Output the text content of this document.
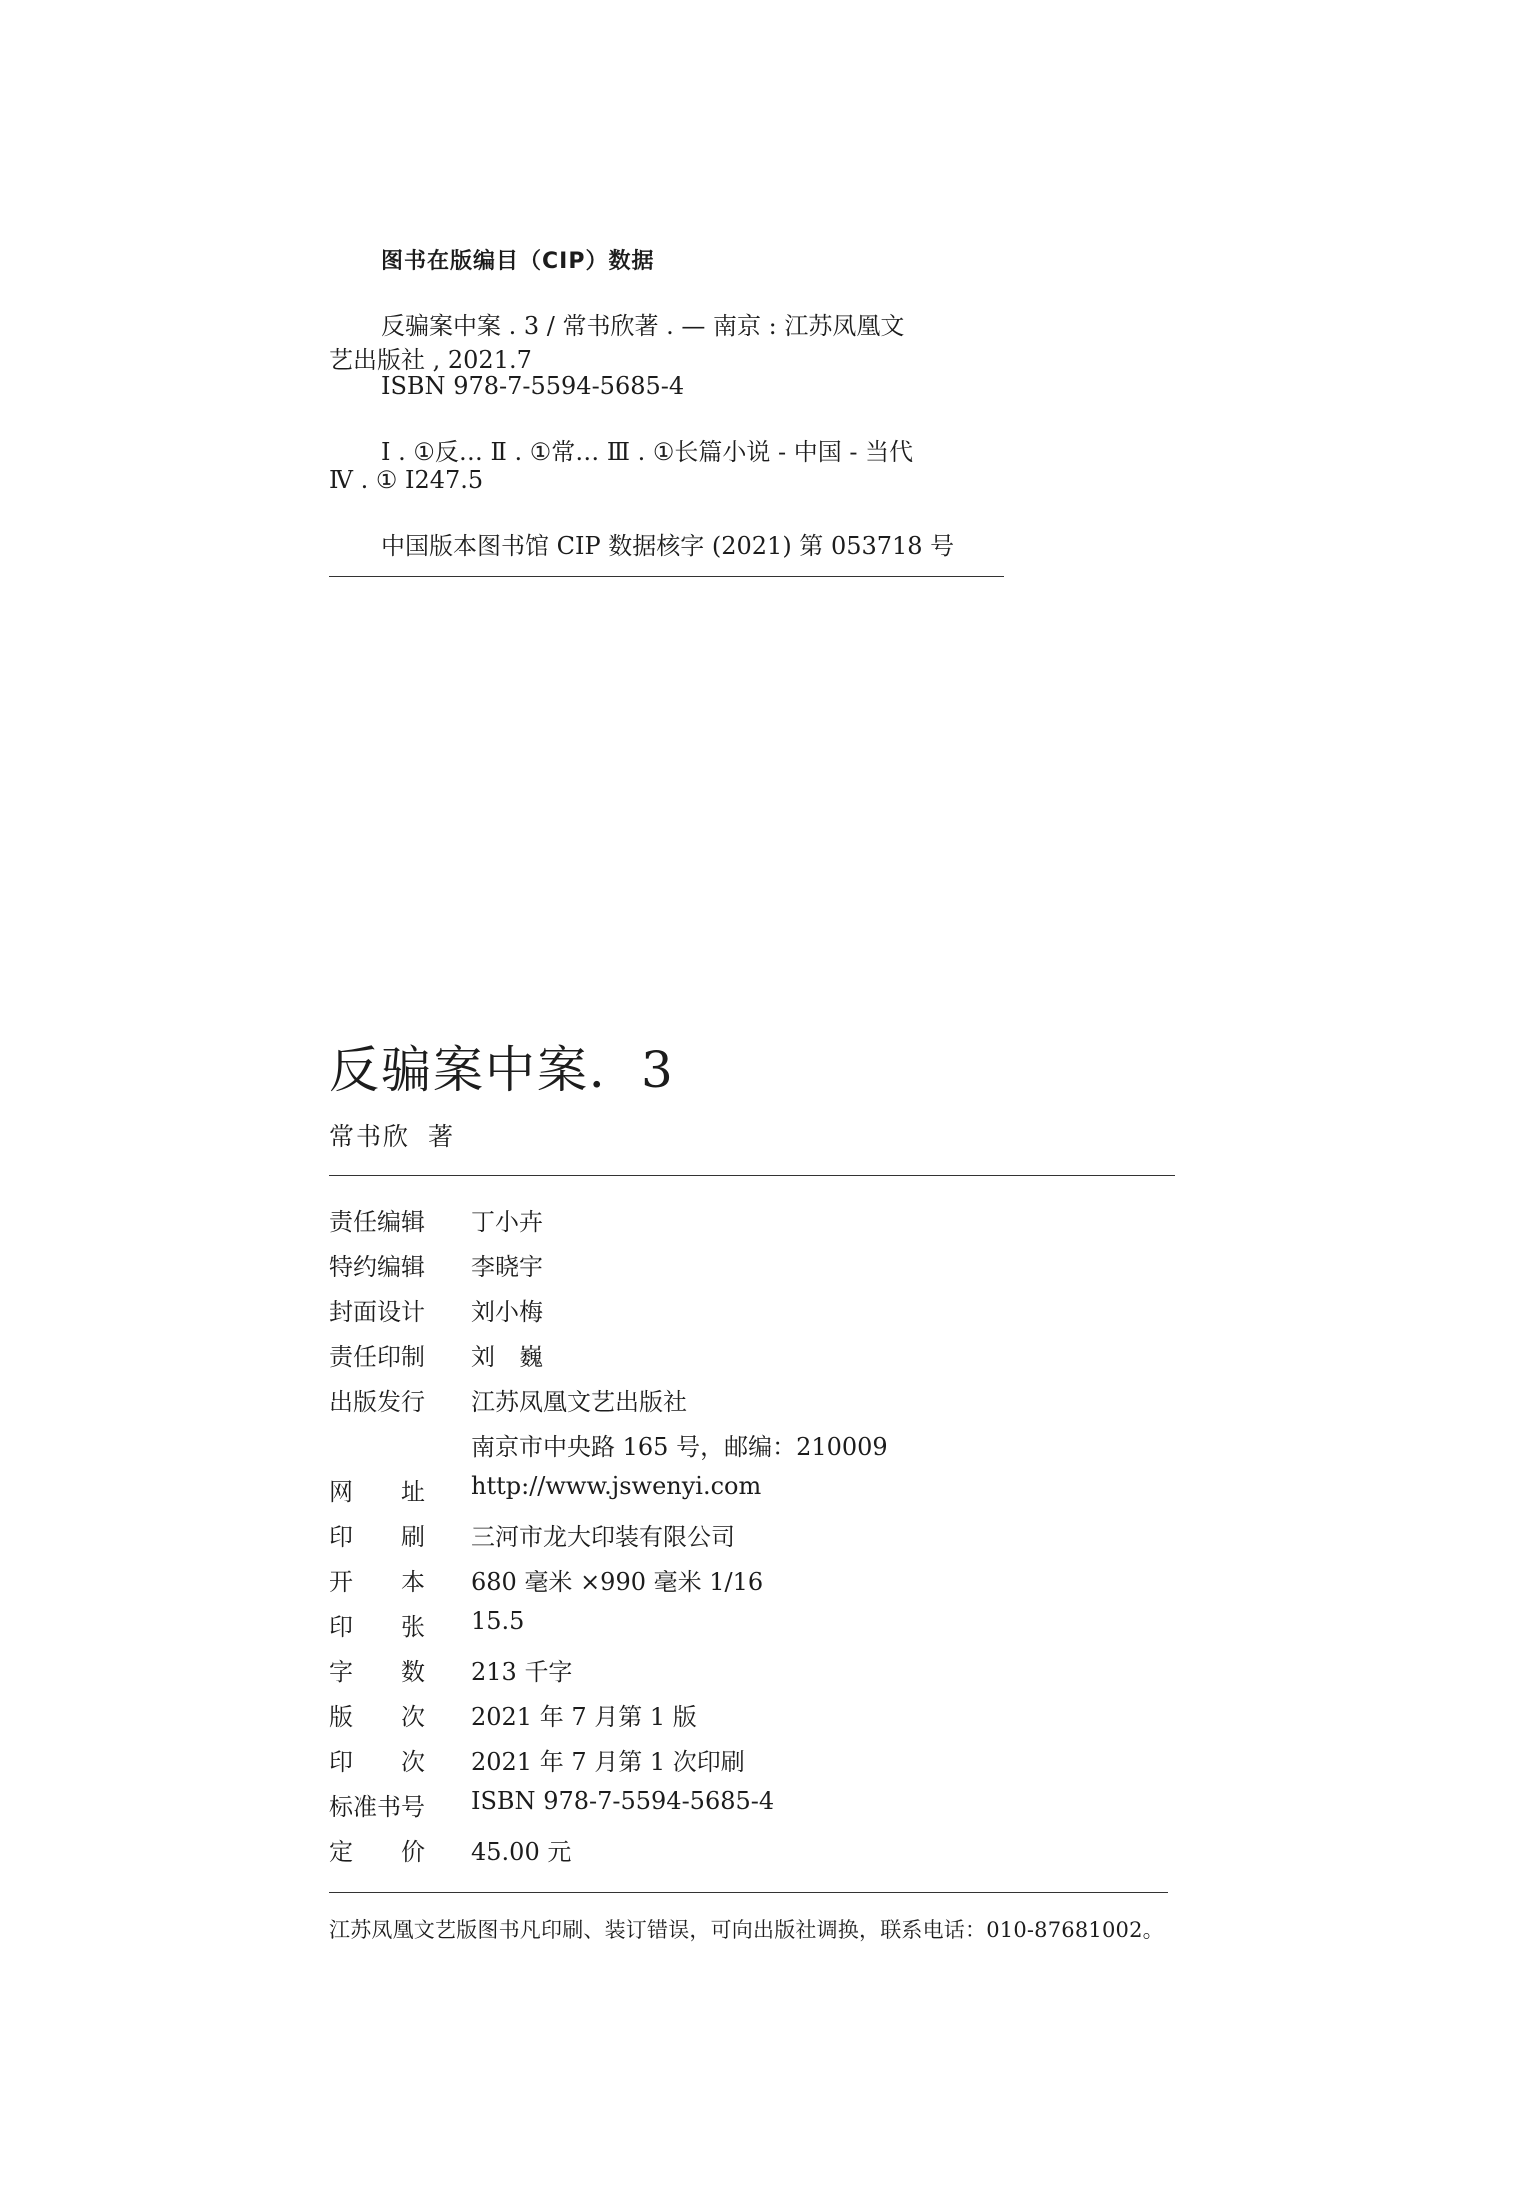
图书在版编目（CIP）数据
反骗案中案 . 3 / 常书欣著 . — 南京 : 江苏凤凰文
艺出版社 , 2021.7
ISBN 978-7-5594-5685-4
Ⅰ . ①反… Ⅱ . ①常… Ⅲ . ①长篇小说 - 中国 - 当代
Ⅳ . ① I247.5
中国版本图书馆 CIP 数据核字 (2021) 第 053718 号
反骗案中案．3
常书欣 著
责任编辑	丁小卉
特约编辑	李晓宇
封面设计	刘小梅
责任印制	刘　巍
出版发行	江苏凤凰文艺出版社
南京市中央路 165 号，邮编：210009
网　　址	http://www.jswenyi.com
印　　刷	三河市龙大印装有限公司
开　　本	680 毫米 ×990 毫米 1/16
印　　张	15.5
字　　数	213 千字
版　　次	2021 年 7 月第 1 版
印　　次	2021 年 7 月第 1 次印刷
标准书号	ISBN 978-7-5594-5685-4
定　　价	45.00 元
江苏凤凰文艺版图书凡印刷、装订错误，可向出版社调换，联系电话：010-87681002。
